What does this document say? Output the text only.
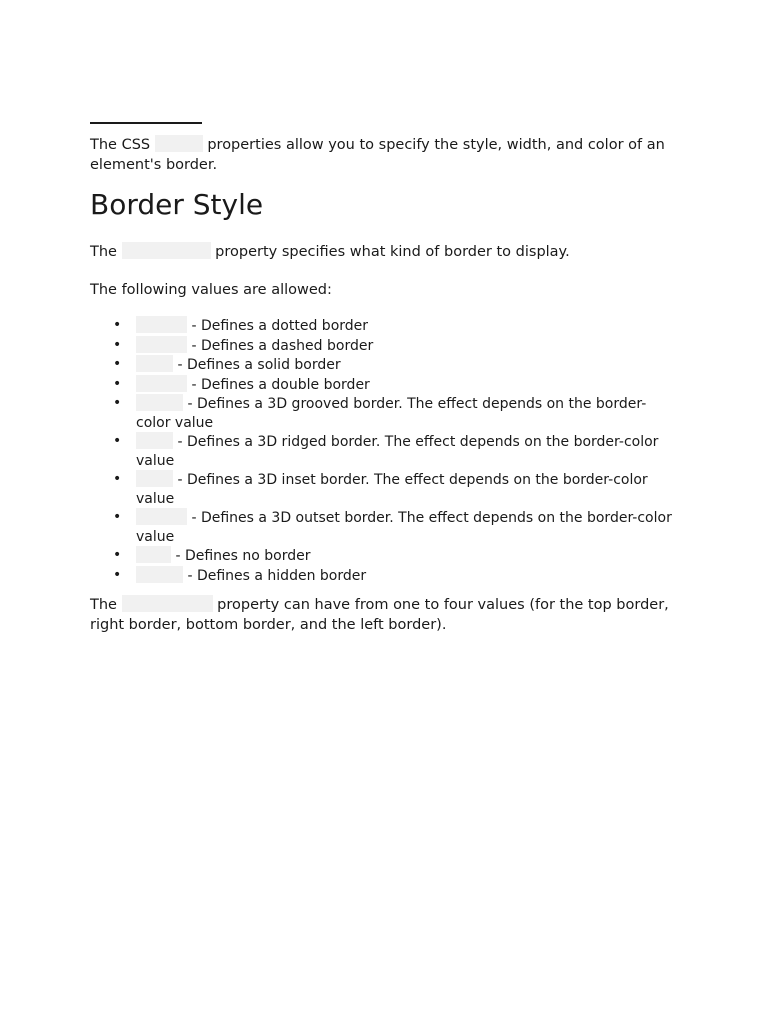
The CSS	properties allow you to specify the style, width, and color of an element's border.

Border Style

The	property specifies what kind of border to display.

The following values are allowed:

•	- Defines a dotted border
•	- Defines a dashed border
•	- Defines a solid border
•	- Defines a double border
•	- Defines a 3D grooved border. The effect depends on the border-color value
•	- Defines a 3D ridged border. The effect depends on the border-color value
•	- Defines a 3D inset border. The effect depends on the border-color value
•	- Defines a 3D outset border. The effect depends on the border-color value
•	- Defines no border
•	- Defines a hidden border

The	property can have from one to four values (for the top border, right border, bottom border, and the left border).
